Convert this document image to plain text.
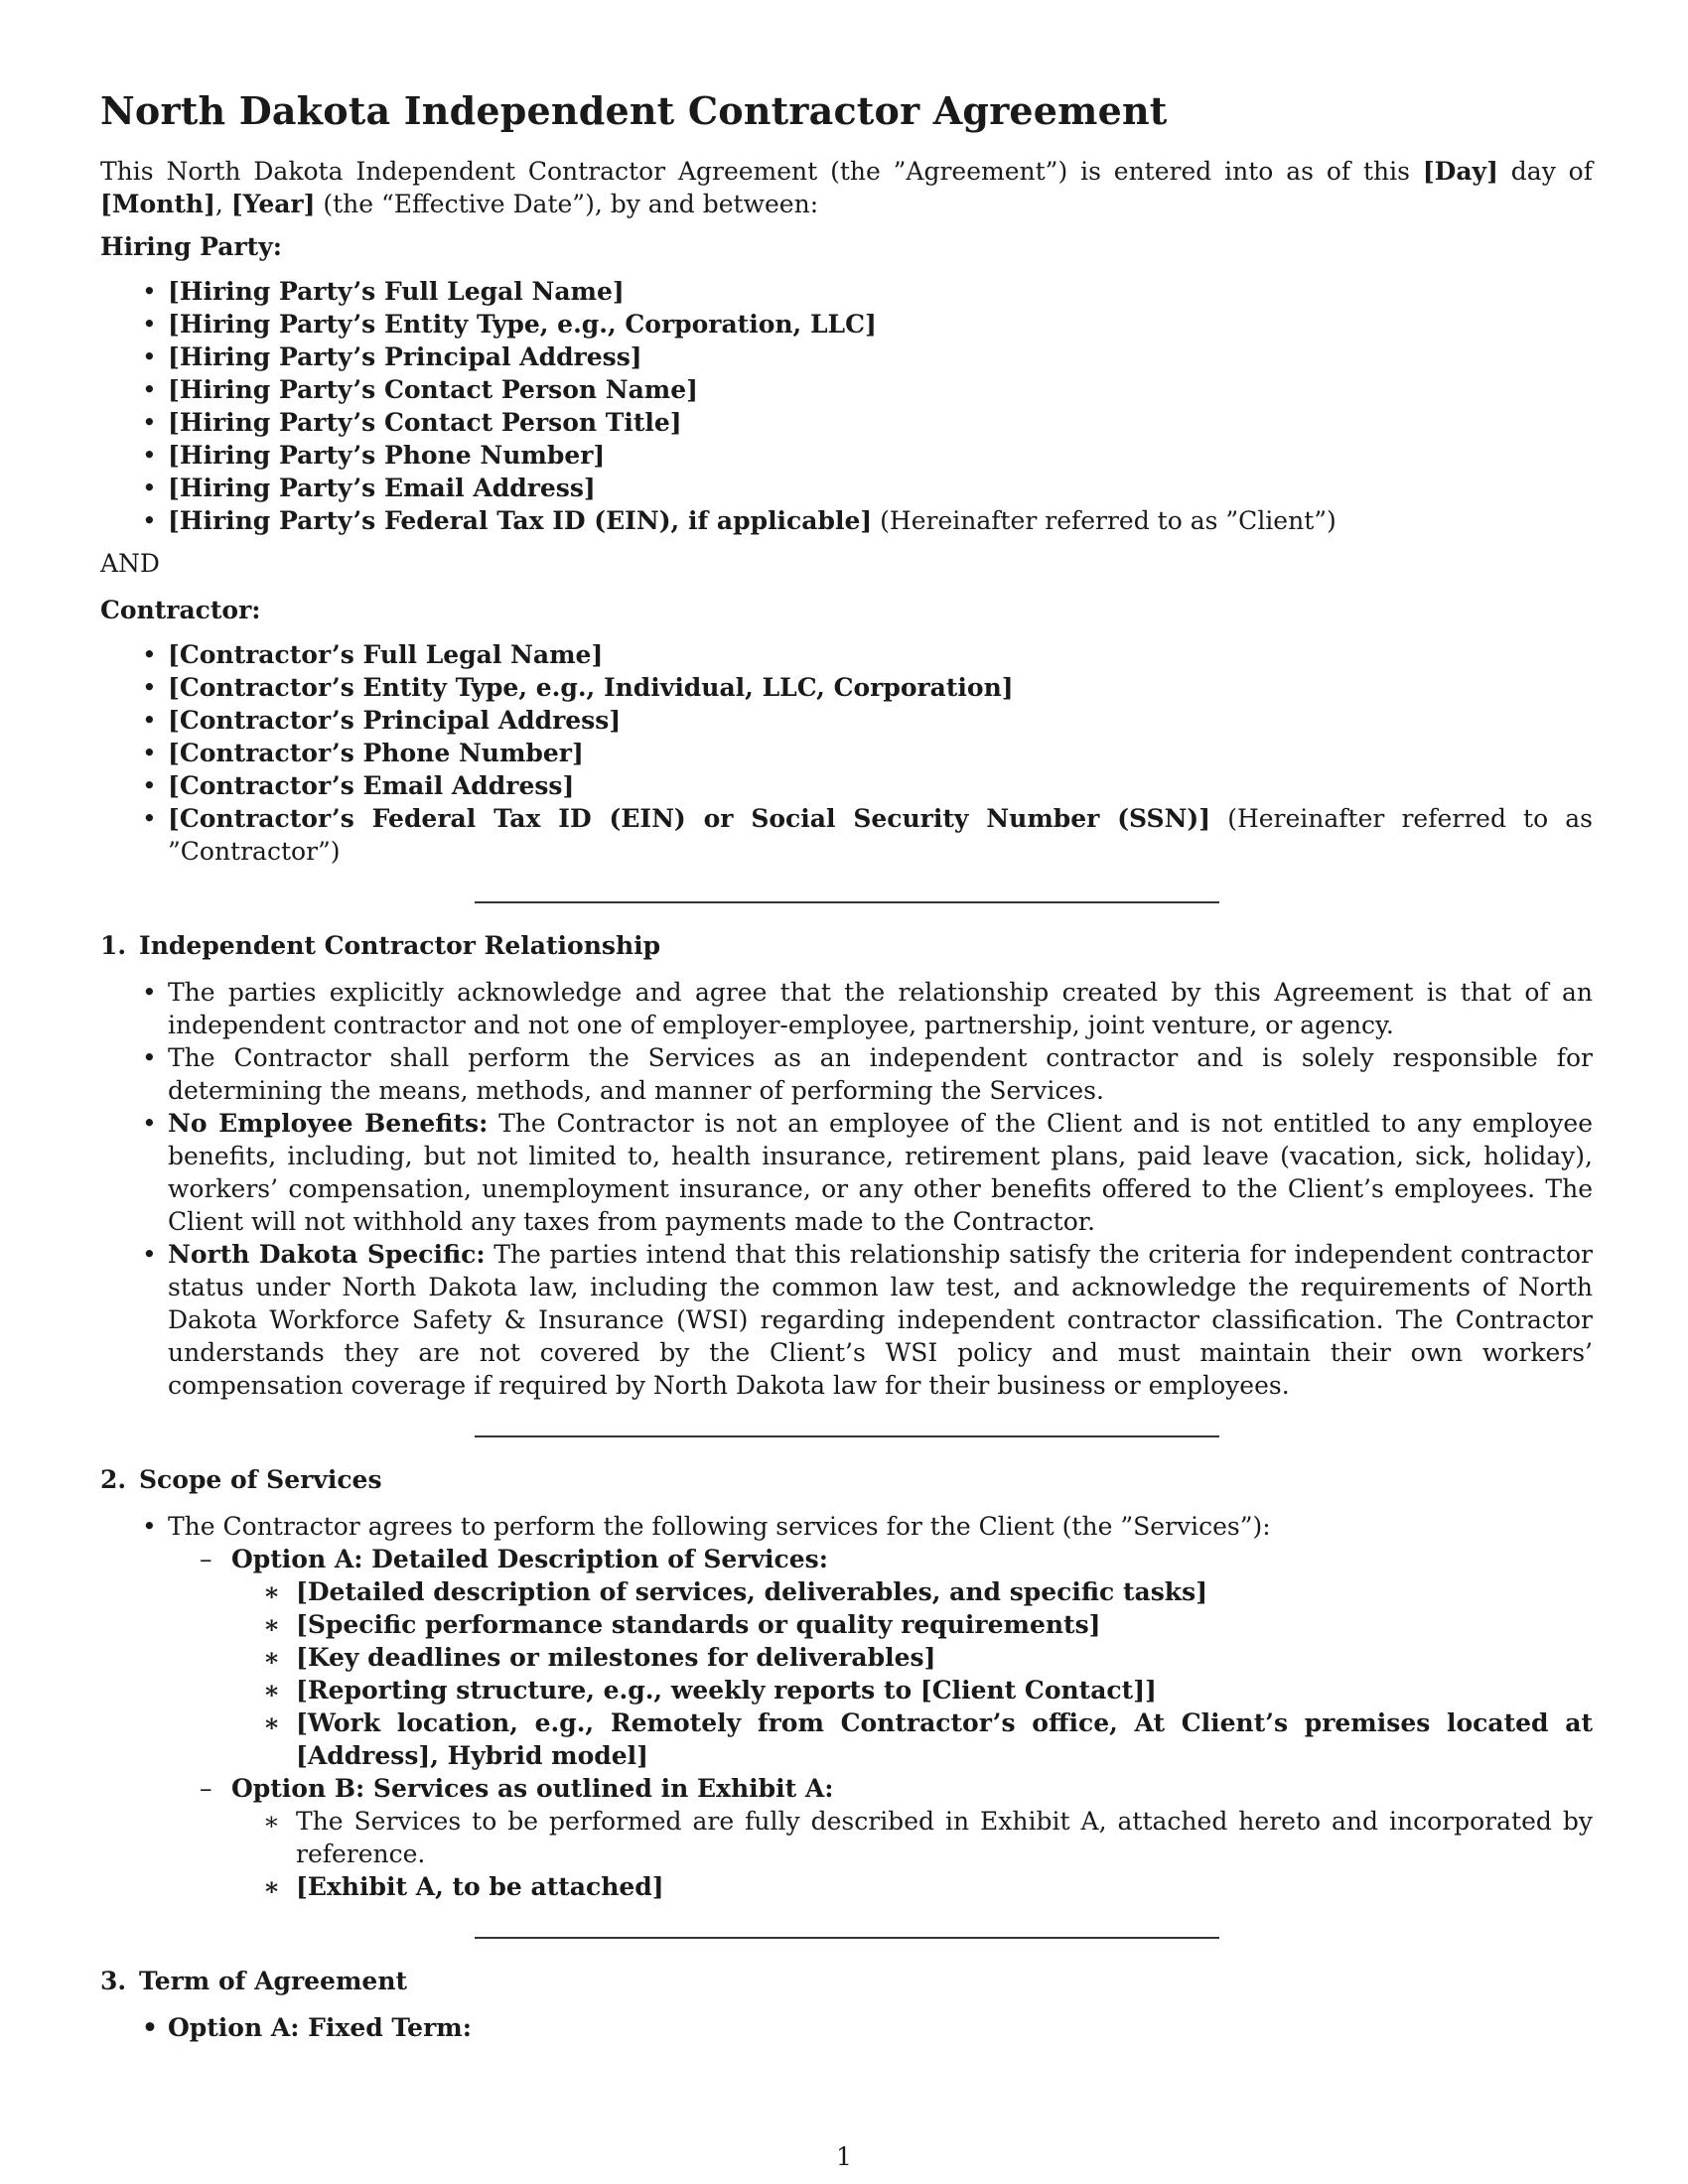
North Dakota Independent Contractor Agreement

This North Dakota Independent Contractor Agreement (the ”Agreement”) is entered into as of this [Day] day of [Month], [Year] (the “Effective Date”), by and between:

Hiring Party:
• [Hiring Party’s Full Legal Name]
• [Hiring Party’s Entity Type, e.g., Corporation, LLC]
• [Hiring Party’s Principal Address]
• [Hiring Party’s Contact Person Name]
• [Hiring Party’s Contact Person Title]
• [Hiring Party’s Phone Number]
• [Hiring Party’s Email Address]
• [Hiring Party’s Federal Tax ID (EIN), if applicable] (Hereinafter referred to as ”Client”)

AND

Contractor:
• [Contractor’s Full Legal Name]
• [Contractor’s Entity Type, e.g., Individual, LLC, Corporation]
• [Contractor’s Principal Address]
• [Contractor’s Phone Number]
• [Contractor’s Email Address]
• [Contractor’s Federal Tax ID (EIN) or Social Security Number (SSN)] (Hereinafter referred to as ”Contractor”)
1. Independent Contractor Relationship
• The parties explicitly acknowledge and agree that the relationship created by this Agreement is that of an independent contractor and not one of employer-employee, partnership, joint venture, or agency.
• The Contractor shall perform the Services as an independent contractor and is solely responsible for determining the means, methods, and manner of performing the Services.
• No Employee Benefits: The Contractor is not an employee of the Client and is not entitled to any employee benefits, including, but not limited to, health insurance, retirement plans, paid leave (vacation, sick, holiday), workers’ compensation, unemployment insurance, or any other benefits offered to the Client’s employees. The Client will not withhold any taxes from payments made to the Contractor.
• North Dakota Specific: The parties intend that this relationship satisfy the criteria for independent contractor status under North Dakota law, including the common law test, and acknowledge the requirements of North Dakota Workforce Safety & Insurance (WSI) regarding independent contractor classification. The Contractor understands they are not covered by the Client’s WSI policy and must maintain their own workers’ compensation coverage if required by North Dakota law for their business or employees.
2. Scope of Services
• The Contractor agrees to perform the following services for the Client (the ”Services”):
– Option A: Detailed Description of Services:
∗ [Detailed description of services, deliverables, and specific tasks]
∗ [Specific performance standards or quality requirements]
∗ [Key deadlines or milestones for deliverables]
∗ [Reporting structure, e.g., weekly reports to [Client Contact]]
∗ [Work location, e.g., Remotely from Contractor’s office, At Client’s premises located at [Address], Hybrid model]
– Option B: Services as outlined in Exhibit A:
∗ The Services to be performed are fully described in Exhibit A, attached hereto and incorporated by reference.
∗ [Exhibit A, to be attached]
3. Term of Agreement
• Option A: Fixed Term:
1
